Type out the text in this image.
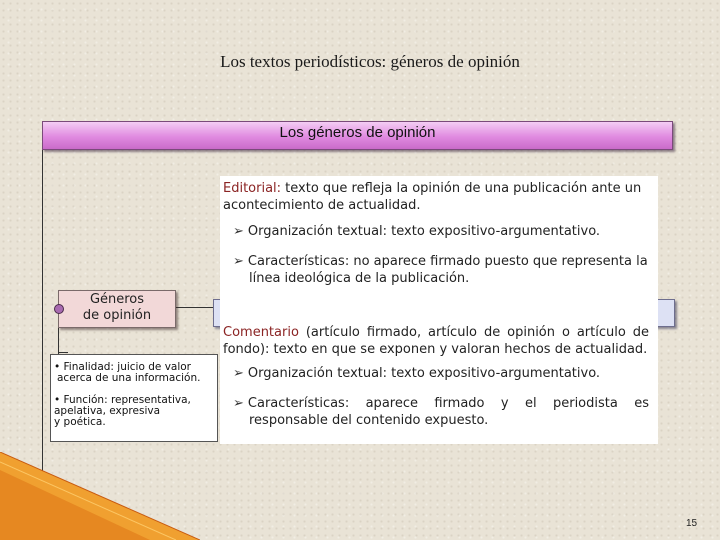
Los textos periodísticos: géneros de opinión
Los géneros de opinión
Géneros
de opinión
• Finalidad: juicio de valor
acerca de una información.
• Función: representativa,
apelativa, expresiva
y poética.
Editorial: texto que refleja la opinión de una publicación ante un
acontecimiento de actualidad.
➢ Organización textual: texto expositivo-argumentativo.
➢ Características: no aparece firmado puesto que representa la
línea ideológica de la publicación.
Comentario (artículo firmado, artículo de opinión o artículo de
fondo): texto en que se exponen y valoran hechos de actualidad.
➢ Organización textual: texto expositivo-argumentativo.
➢ Características: aparece firmado y el periodista es
responsable del contenido expuesto.
15
